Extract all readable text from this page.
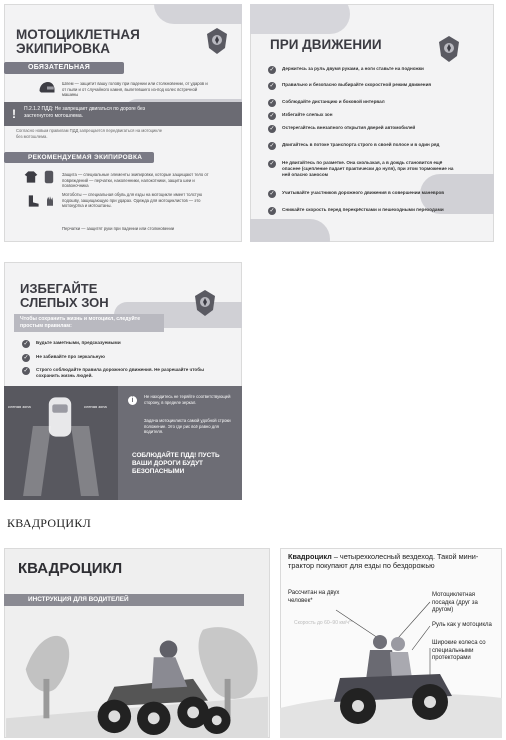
МОТОЦИКЛЕТНАЯ
ЭКИПИРОВКА
ОБЯЗАТЕЛЬНАЯ
Шлем — защитит вашу голову при падении или столкновении, от ударов и от пыли и от случайного камня, вылетевшего из-под колес встречной машины
! П.2.1.2 ПДД: Не запрещает двигаться по дороге без застегнутого мотошлема.
Согласно новым правилам ПДД запрещается передвигаться на мотоцикле без мотошлема.
РЕКОМЕНДУЕМАЯ ЭКИПИРОВКА
Защита — специальные элементы экипировки, которые защищают тело от повреждений — перчатки, наколенники, налокотники, защита шеи и позвоночника
Мотоботы — специальная обувь для езды на мотоцикле имеет толстую подошву, защищающую при ударах. Одежда для мотоциклистов — это мотокуртка и мотоштаны.
Перчатки — защитят руки при падении или столкновении
ПРИ ДВИЖЕНИИ
✓	Держитесь за руль двумя руками, а ноги ставьте на подножки
✓	Правильно и безопасно выбирайте скоростной режим движения
✓	Соблюдайте дистанцию и боковой интервал
✓	Избегайте слепых зон
✓	Остерегайтесь внезапного открытия дверей автомобилей
✓	Двигайтесь в потоке транспорта строго в своей полосе и в один ряд
✓	Не двигайтесь по разметке. Она скользкая, а в дождь становится ещё опаснее (сцепление падает практически до нуля), при этом торможение на ней опасно заносом
✓	Учитывайте участников дорожного движения в совершении маневров
✓	Снижайте скорость перед перекрёстками и пешеходными переходами
ИЗБЕГАЙТЕ
СЛЕПЫХ ЗОН
Чтобы сохранить жизнь и мотоцикл, следуйте простым правилам:
✓	Будьте заметными, предсказуемыми
✓	Не забивайте про зеркальную
✓	Строго соблюдайте правила дорожного движения. Не разрешайте чтобы сохранить жизнь людей.
слепая зона	слепая зона
i
Не находитесь не теряйте соответствующей сторону, в пределе зеркал.
Задача мотоциклиста самой удобной строки положение. Это где рис всё равно для водителя.
СОБЛЮДАЙТЕ ПДД! ПУСТЬ ВАШИ ДОРОГИ БУДУТ БЕЗОПАСНЫМИ
КВАДРОЦИКЛ
КВАДРОЦИКЛ
ИНСТРУКЦИЯ ДЛЯ ВОДИТЕЛЕЙ
Квадроцикл – четырехколесный вездеход. Такой мини-трактор покупают для езды по бездорожью
Рассчитан на двух человек*
Скорость до 60–90 км/ч**
Мотоциклетная посадка (друг за другом)
Руль как у мотоцикла
Широкие колеса со специальными протекторами
